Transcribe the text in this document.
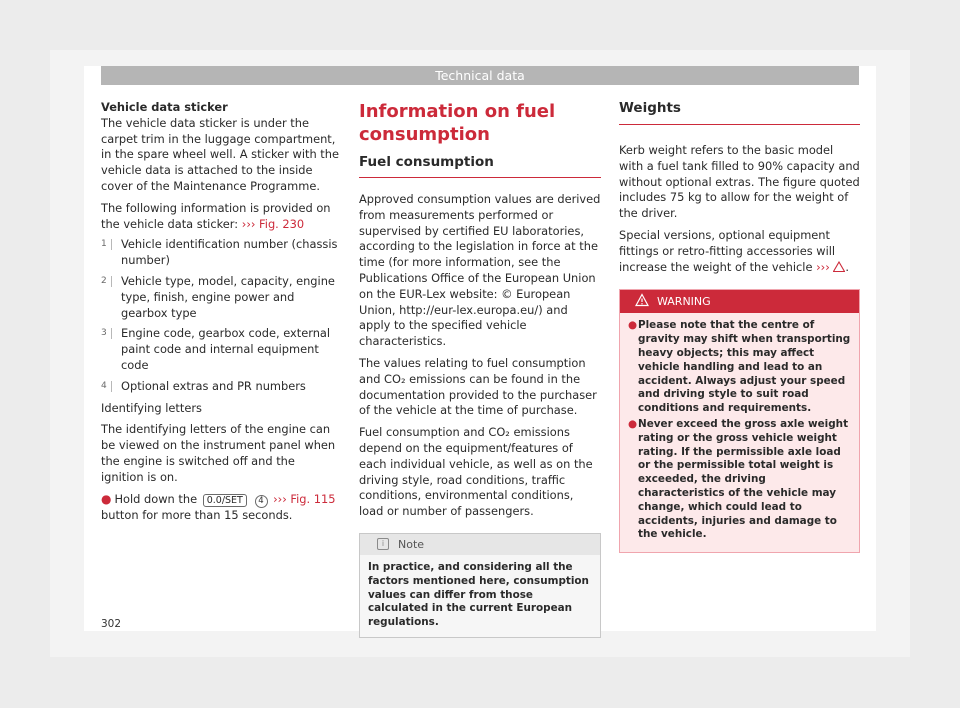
Technical data

Vehicle data sticker

The vehicle data sticker is under the carpet trim in the luggage compartment, in the spare wheel well. A sticker with the vehicle data is attached to the inside cover of the Maintenance Programme.

The following information is provided on the vehicle data sticker: ››› Fig. 230

1	Vehicle identification number (chassis number)
2	Vehicle type, model, capacity, engine type, finish, engine power and gearbox type
3	Engine code, gearbox code, external paint code and internal equipment code
4	Optional extras and PR numbers

Identifying letters

The identifying letters of the engine can be viewed on the instrument panel when the engine is switched off and the ignition is on.

● Hold down the 0.0/SET 4 ››› Fig. 115 button for more than 15 seconds.

Information on fuel consumption
Fuel consumption

Approved consumption values are derived from measurements performed or supervised by certified EU laboratories, according to the legislation in force at the time (for more information, see the Publications Office of the European Union on the EUR-Lex website: © European Union, http://eur-lex.europa.eu/) and apply to the specified vehicle characteristics.

The values relating to fuel consumption and CO₂ emissions can be found in the documentation provided to the purchaser of the vehicle at the time of purchase.

Fuel consumption and CO₂ emissions depend on the equipment/features of each individual vehicle, as well as on the driving style, road conditions, traffic conditions, environmental conditions, load or number of passengers.

i	Note
In practice, and considering all the factors mentioned here, consumption values can differ from those calculated in the current European regulations.
Weights

Kerb weight refers to the basic model with a fuel tank filled to 90% capacity and without optional extras. The figure quoted includes 75 kg to allow for the weight of the driver.

Special versions, optional equipment fittings or retro-fitting accessories will increase the weight of the vehicle ››› .

WARNING
● Please note that the centre of gravity may shift when transporting heavy objects; this may affect vehicle handling and lead to an accident. Always adjust your speed and driving style to suit road conditions and requirements.
● Never exceed the gross axle weight rating or the gross vehicle weight rating. If the permissible axle load or the permissible total weight is exceeded, the driving characteristics of the vehicle may change, which could lead to accidents, injuries and damage to the vehicle.
302
